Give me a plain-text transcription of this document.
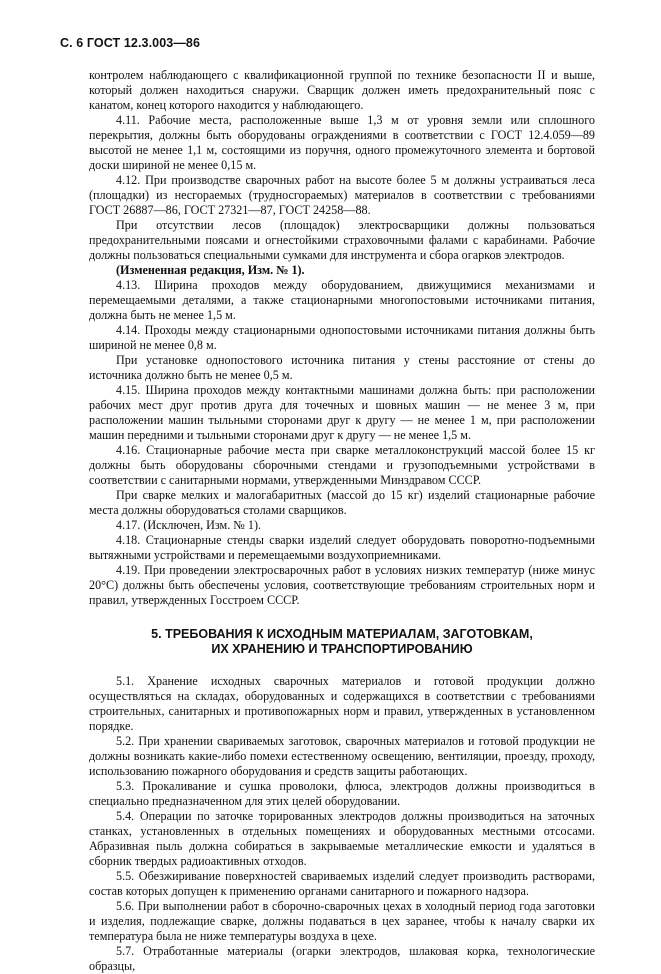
С. 6 ГОСТ 12.3.003—86

контролем наблюдающего с квалификационной группой по технике безопасности II и выше, который должен находиться снаружи. Сварщик должен иметь предохранительный пояс с канатом, конец которого находится у наблюдающего.

4.11. Рабочие места, расположенные выше 1,3 м от уровня земли или сплошного перекрытия, должны быть оборудованы ограждениями в соответствии с ГОСТ 12.4.059—89 высотой не менее 1,1 м, состоящими из поручня, одного промежуточного элемента и бортовой доски шириной не менее 0,15 м.

4.12. При производстве сварочных работ на высоте более 5 м должны устраиваться леса (площадки) из несгораемых (трудносгораемых) материалов в соответствии с требованиями ГОСТ 26887—86, ГОСТ 27321—87, ГОСТ 24258—88.

При отсутствии лесов (площадок) электросварщики должны пользоваться предохранительными поясами и огнестойкими страховочными фалами с карабинами. Рабочие должны пользоваться специальными сумками для инструмента и сбора огарков электродов.

(Измененная редакция, Изм. № 1).

4.13. Ширина проходов между оборудованием, движущимися механизмами и перемещаемыми деталями, а также стационарными многопостовыми источниками питания, должна быть не менее 1,5 м.

4.14. Проходы между стационарными однопостовыми источниками питания должны быть шириной не менее 0,8 м.

При установке однопостового источника питания у стены расстояние от стены до источника должно быть не менее 0,5 м.

4.15. Ширина проходов между контактными машинами должна быть: при расположении рабочих мест друг против друга для точечных и шовных машин — не менее 3 м, при расположении машин тыльными сторонами друг к другу — не менее 1 м, при расположении машин передними и тыльными сторонами друг к другу — не менее 1,5 м.

4.16. Стационарные рабочие места при сварке металлоконструкций массой более 15 кг должны быть оборудованы сборочными стендами и грузоподъемными устройствами в соответствии с санитарными нормами, утвержденными Минздравом СССР.

При сварке мелких и малогабаритных (массой до 15 кг) изделий стационарные рабочие места должны оборудоваться столами сварщиков.

4.17. (Исключен, Изм. № 1).

4.18. Стационарные стенды сварки изделий следует оборудовать поворотно-подъемными вытяжными устройствами и перемещаемыми воздухоприемниками.

4.19. При проведении электросварочных работ в условиях низких температур (ниже минус 20°С) должны быть обеспечены условия, соответствующие требованиям строительных норм и правил, утвержденных Госстроем СССР.

5. ТРЕБОВАНИЯ К ИСХОДНЫМ МАТЕРИАЛАМ, ЗАГОТОВКАМ,
ИХ ХРАНЕНИЮ И ТРАНСПОРТИРОВАНИЮ

5.1. Хранение исходных сварочных материалов и готовой продукции должно осуществляться на складах, оборудованных и содержащихся в соответствии с требованиями строительных, санитарных и противопожарных норм и правил, утвержденных в установленном порядке.

5.2. При хранении свариваемых заготовок, сварочных материалов и готовой продукции не должны возникать какие-либо помехи естественному освещению, вентиляции, проезду, проходу, использованию пожарного оборудования и средств защиты работающих.

5.3. Прокаливание и сушка проволоки, флюса, электродов должны производиться в специально предназначенном для этих целей оборудовании.

5.4. Операции по заточке торированных электродов должны производиться на заточных станках, установленных в отдельных помещениях и оборудованных местными отсосами. Абразивная пыль должна собираться в закрываемые металлические емкости и удаляться в сборник твердых радиоактивных отходов.

5.5. Обезжиривание поверхностей свариваемых изделий следует производить растворами, состав которых допущен к применению органами санитарного и пожарного надзора.

5.6. При выполнении работ в сборочно-сварочных цехах в холодный период года заготовки и изделия, подлежащие сварке, должны подаваться в цех заранее, чтобы к началу сварки их температура была не ниже температуры воздуха в цехе.

5.7. Отработанные материалы (огарки электродов, шлаковая корка, технологические образцы,
